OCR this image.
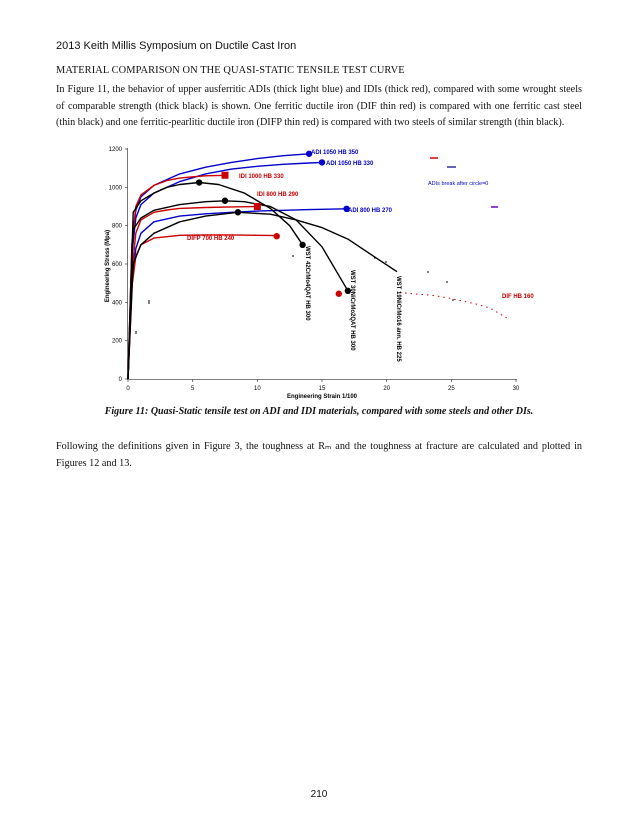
2013 Keith Millis Symposium on Ductile Cast Iron
MATERIAL COMPARISON ON THE QUASI-STATIC TENSILE TEST CURVE

In Figure 11, the behavior of upper ausferritic ADIs (thick light blue) and IDIs (thick red), compared with some wrought steels of comparable strength (thick black) is shown. One ferritic ductile iron (DIF thin red) is compared with one ferritic cast steel (thin black) and one ferritic-pearlitic ductile iron (DIFP thin red) is compared with two steels of similar strength (thin black).

0
200
400
600
800
1000
1200
0	5	10	15	20	25	30
ADIs break after circle=0
ADI 1050 HB 350
ADI 1050 HB 330
IDI 1000 HB 330
IDI 800 HB 290
ADI 800 HB 270
DIFP 700 HB 240
DIF HB 160
WST 42CrMo4QAT HB 300	WST 30NiCrMo2QAT HB 300	WST 19NiCrMo16 ann. HB 225
Engineering Strain 1/100
Engineering Stress (Mpa)
Figure 11: Quasi-Static tensile test on ADI and IDI materials, compared with some steels and other DIs.

Following the definitions given in Figure 3, the toughness at Rₘ and the toughness at fracture are calculated and plotted in Figures 12 and 13.

210
